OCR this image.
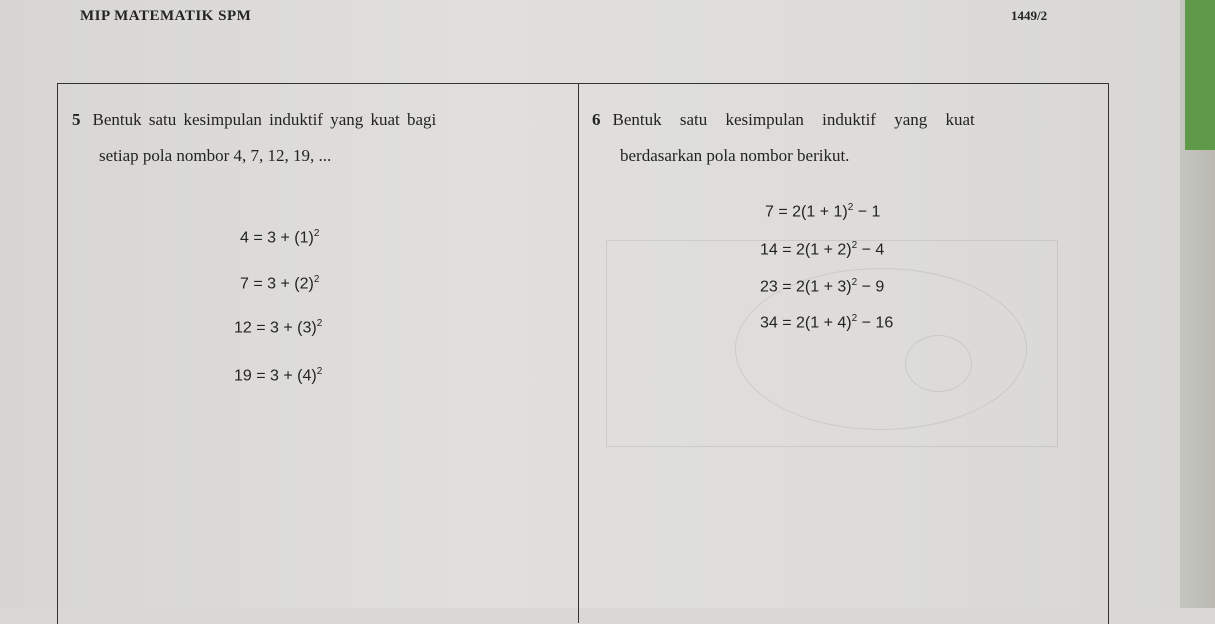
MIP MATEMATIK SPM	1449/2
5 Bentuk satu kesimpulan induktif yang kuat bagi
setiap pola nombor 4, 7, 12, 19, ...
$4 = 3 + (1)^2$
$7 = 3 + (2)^2$
$12 = 3 + (3)^2$
$19 = 3 + (4)^2$
6 Bentuk satu kesimpulan induktif yang kuat
berdasarkan pola nombor berikut.
$7 = 2(1 + 1)^2 - 1$
$14 = 2(1 + 2)^2 - 4$
$23 = 2(1 + 3)^2 - 9$
$34 = 2(1 + 4)^2 - 16$
